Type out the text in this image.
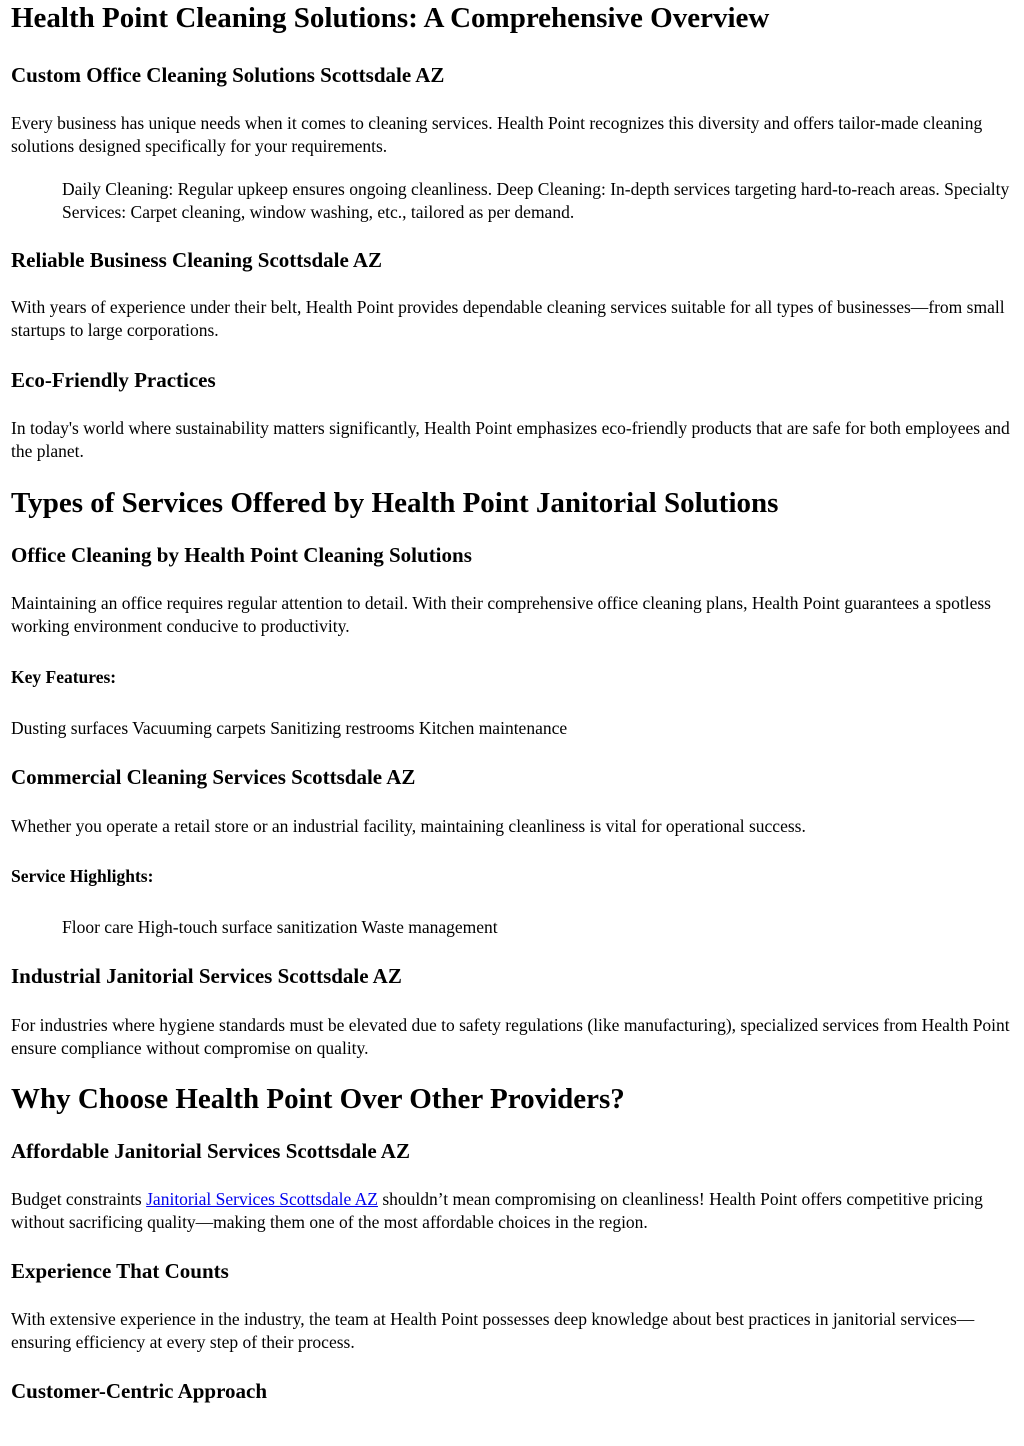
Health Point Cleaning Solutions: A Comprehensive Overview
Custom Office Cleaning Solutions Scottsdale AZ

Every business has unique needs when it comes to cleaning services. Health Point recognizes this diversity and offers tailor-made cleaning solutions designed specifically for your requirements.

Daily Cleaning: Regular upkeep ensures ongoing cleanliness. Deep Cleaning: In-depth services targeting hard-to-reach areas. Specialty Services: Carpet cleaning, window washing, etc., tailored as per demand.

Reliable Business Cleaning Scottsdale AZ

With years of experience under their belt, Health Point provides dependable cleaning services suitable for all types of businesses—from small startups to large corporations.

Eco-Friendly Practices

In today's world where sustainability matters significantly, Health Point emphasizes eco-friendly products that are safe for both employees and the planet.

Types of Services Offered by Health Point Janitorial Solutions
Office Cleaning by Health Point Cleaning Solutions

Maintaining an office requires regular attention to detail. With their comprehensive office cleaning plans, Health Point guarantees a spotless working environment conducive to productivity.

Key Features:

Dusting surfaces Vacuuming carpets Sanitizing restrooms Kitchen maintenance

Commercial Cleaning Services Scottsdale AZ

Whether you operate a retail store or an industrial facility, maintaining cleanliness is vital for operational success.

Service Highlights:

Floor care High-touch surface sanitization Waste management

Industrial Janitorial Services Scottsdale AZ

For industries where hygiene standards must be elevated due to safety regulations (like manufacturing), specialized services from Health Point ensure compliance without compromise on quality.

Why Choose Health Point Over Other Providers?
Affordable Janitorial Services Scottsdale AZ

Budget constraints Janitorial Services Scottsdale AZ shouldn’t mean compromising on cleanliness! Health Point offers competitive pricing without sacrificing quality—making them one of the most affordable choices in the region.

Experience That Counts

With extensive experience in the industry, the team at Health Point possesses deep knowledge about best practices in janitorial services—ensuring efficiency at every step of their process.

Customer-Centric Approach
